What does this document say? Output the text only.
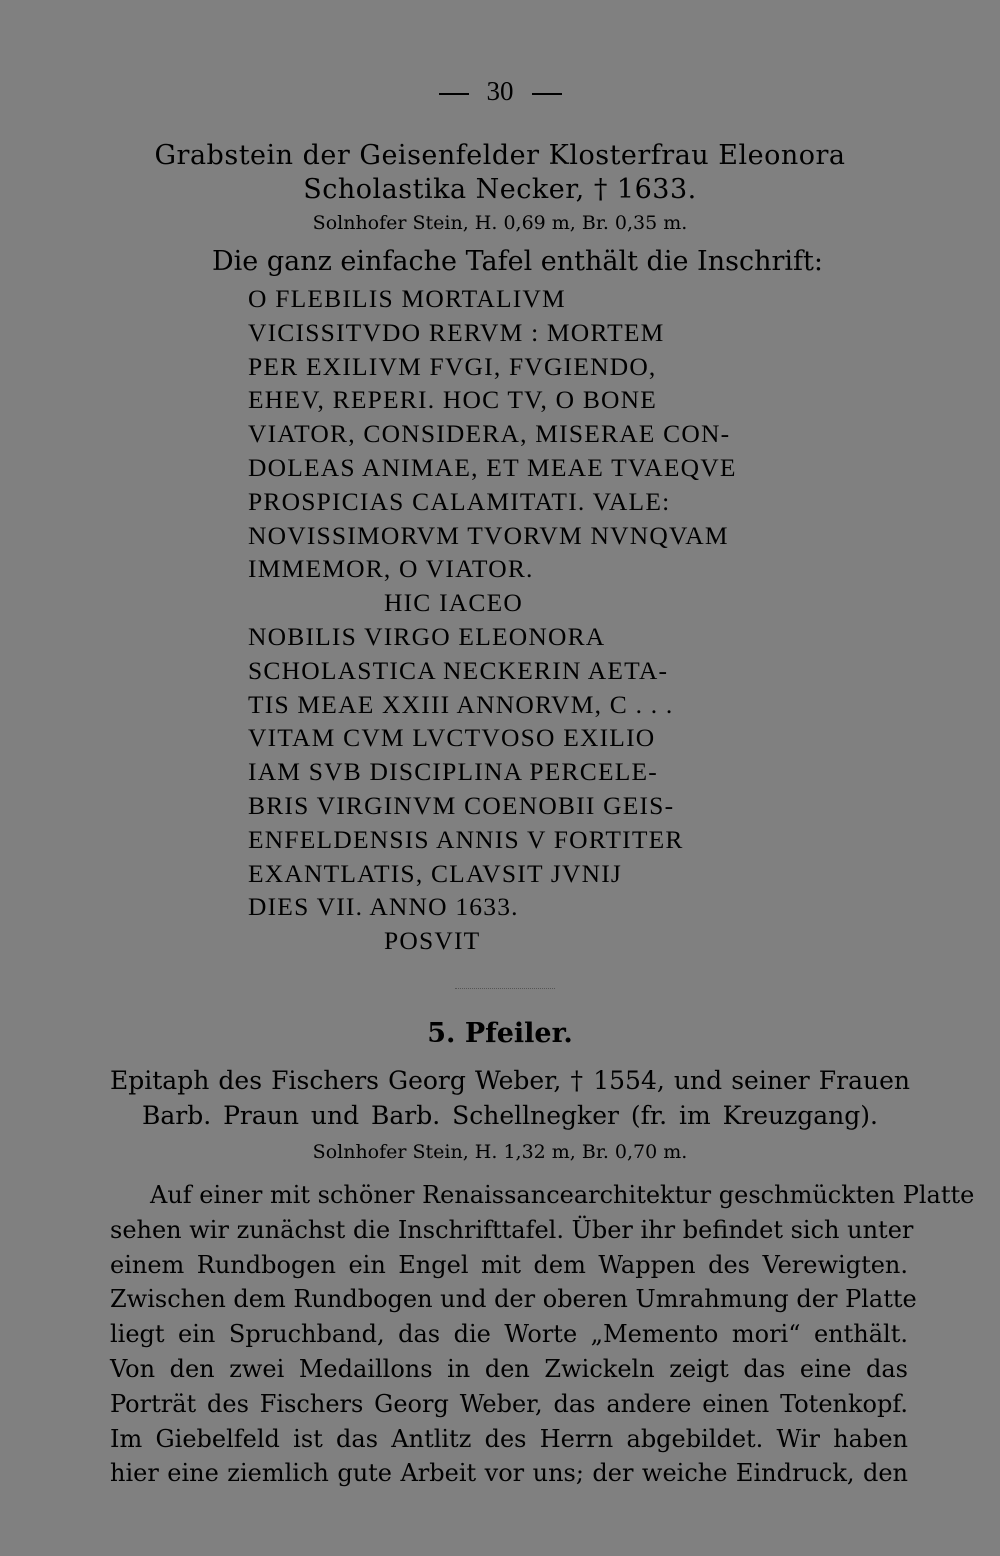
30
Grabstein der Geisenfelder Klosterfrau Eleonora
Scholastika Necker, † 1633.
Solnhofer Stein, H. 0,69 m, Br. 0,35 m.
Die ganz einfache Tafel enthält die Inschrift:
O FLEBILIS MORTALIVM
VICISSITVDO RERVM : MORTEM
PER EXILIVM FVGI, FVGIENDO,
EHEV, REPERI. HOC TV, O BONE
VIATOR, CONSIDERA, MISERAE CON-
DOLEAS ANIMAE, ET MEAE TVAEQVE
PROSPICIAS CALAMITATI. VALE:
NOVISSIMORVM TVORVM NVNQVAM
IMMEMOR, O VIATOR.
HIC IACEO
NOBILIS VIRGO ELEONORA
SCHOLASTICA NECKERIN AETA-
TIS MEAE XXIII ANNORVM, C . . .
VITAM CVM LVCTVOSO EXILIO
IAM SVB DISCIPLINA PERCELE-
BRIS VIRGINVM COENOBII GEIS-
ENFELDENSIS ANNIS V FORTITER
EXANTLATIS, CLAVSIT JVNIJ
DIES VII. ANNO 1633.
POSVIT
5. Pfeiler.
Epitaph des Fischers Georg Weber, † 1554, und seiner Frauen
Barb. Praun und Barb. Schellnegker (fr. im Kreuzgang).
Solnhofer Stein, H. 1,32 m, Br. 0,70 m.
Auf einer mit schöner Renaissancearchitektur geschmückten Platte
sehen wir zunächst die Inschrifttafel. Über ihr befindet sich unter
einem Rundbogen ein Engel mit dem Wappen des Verewigten.
Zwischen dem Rundbogen und der oberen Umrahmung der Platte
liegt ein Spruchband, das die Worte „Memento mori“ enthält.
Von den zwei Medaillons in den Zwickeln zeigt das eine das
Porträt des Fischers Georg Weber, das andere einen Totenkopf.
Im Giebelfeld ist das Antlitz des Herrn abgebildet. Wir haben
hier eine ziemlich gute Arbeit vor uns; der weiche Eindruck, den
